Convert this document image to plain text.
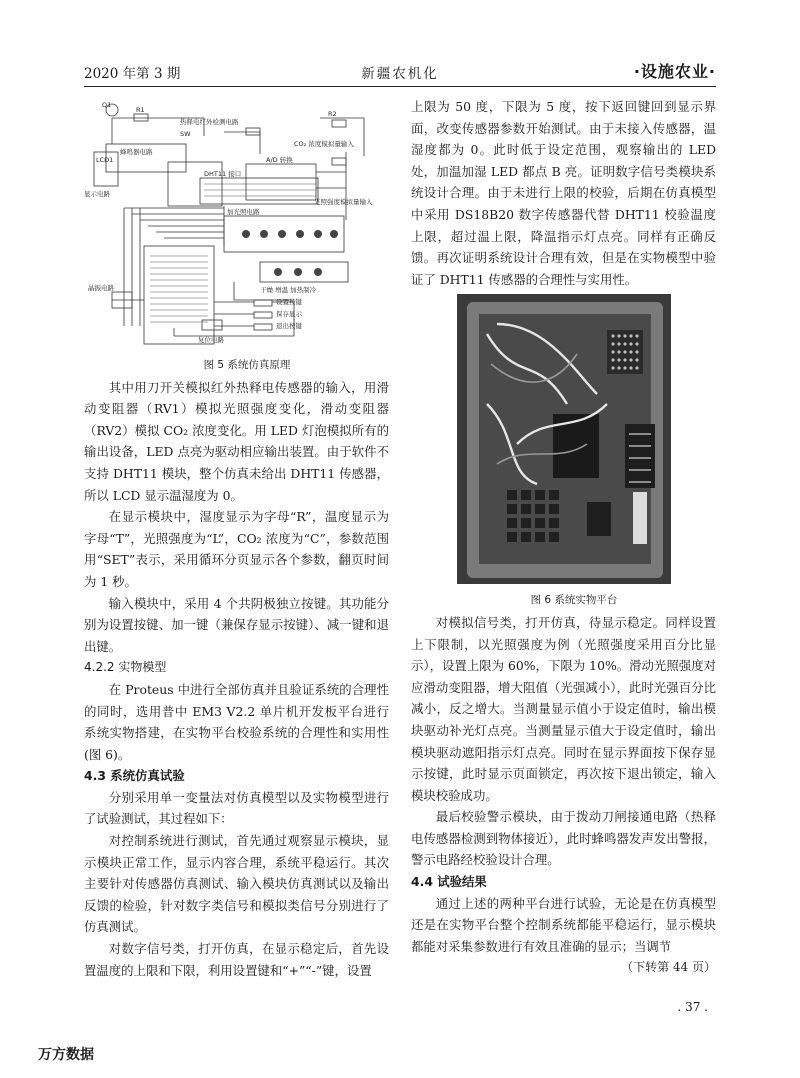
2020 年第 3 期	新疆农机化	·设施农业·
Q1
R1
热释电红外检测电路
SW
蜂鸣器电路
LCD1
显示电路
DHT11 接口
A/D 转换
CO₂ 浓度模拟量输入
光照强度模拟量输入
加光照电路
干燥 增温 加热制冷
晶振电路
复位电路
设置按键保存显示退出按键
R2

图 5 系统仿真原理

其中用刀开关模拟红外热释电传感器的输入，用滑动变阻器（RV1）模拟光照强度变化，滑动变阻器（RV2）模拟 CO₂ 浓度变化。用 LED 灯泡模拟所有的输出设备，LED 点亮为驱动相应输出装置。由于软件不支持 DHT11 模块，整个仿真未给出 DHT11 传感器，所以 LCD 显示温湿度为 0。

在显示模块中，湿度显示为字母“R”，温度显示为字母“T”，光照强度为“L”，CO₂ 浓度为“C”，参数范围用“SET”表示，采用循环分页显示各个参数，翻页时间为 1 秒。

输入模块中，采用 4 个共阴极独立按键。其功能分别为设置按键、加一键（兼保存显示按键）、减一键和退出键。

4.2.2 实物模型

在 Proteus 中进行全部仿真并且验证系统的合理性的同时，选用普中 EM3 V2.2 单片机开发板平台进行系统实物搭建，在实物平台校验系统的合理性和实用性(图 6)。

4.3 系统仿真试验

分别采用单一变量法对仿真模型以及实物模型进行了试验测试，其过程如下：

对控制系统进行测试，首先通过观察显示模块，显示模块正常工作，显示内容合理，系统平稳运行。其次主要针对传感器仿真测试、输入模块仿真测试以及输出反馈的检验，针对数字类信号和模拟类信号分别进行了仿真测试。

对数字信号类，打开仿真，在显示稳定后，首先设置温度的上限和下限，利用设置键和“+”“-”键，设置

上限为 50 度，下限为 5 度，按下返回键回到显示界面，改变传感器参数开始测试。由于未接入传感器，温湿度都为 0。此时低于设定范围，观察输出的 LED 处，加温加湿 LED 都点 B 亮。证明数字信号类模块系统设计合理。由于未进行上限的校验，后期在仿真模型中采用 DS18B20 数字传感器代替 DHT11 校验温度上限，超过温上限，降温指示灯点亮。同样有正确反馈。再次证明系统设计合理有效，但是在实物模型中验证了 DHT11 传感器的合理性与实用性。

图 6 系统实物平台

对模拟信号类，打开仿真，待显示稳定。同样设置上下限制，以光照强度为例（光照强度采用百分比显示），设置上限为 60%，下限为 10%。滑动光照强度对应滑动变阻器，增大阻值（光强减小），此时光强百分比减小，反之增大。当测量显示值小于设定值时，输出模块驱动补光灯点亮。当测量显示值大于设定值时，输出模块驱动遮阳指示灯点亮。同时在显示界面按下保存显示按键，此时显示页面锁定，再次按下退出锁定，输入模块校验成功。

最后校验警示模块，由于拨动刀闸接通电路（热释电传感器检测到物体接近），此时蜂鸣器发声发出警报，警示电路经校验设计合理。

4.4 试验结果

通过上述的两种平台进行试验，无论是在仿真模型还是在实物平台整个控制系统都能平稳运行，显示模块都能对采集参数进行有效且准确的显示；当调节

（下转第 44 页）

. 37 .
万方数据
